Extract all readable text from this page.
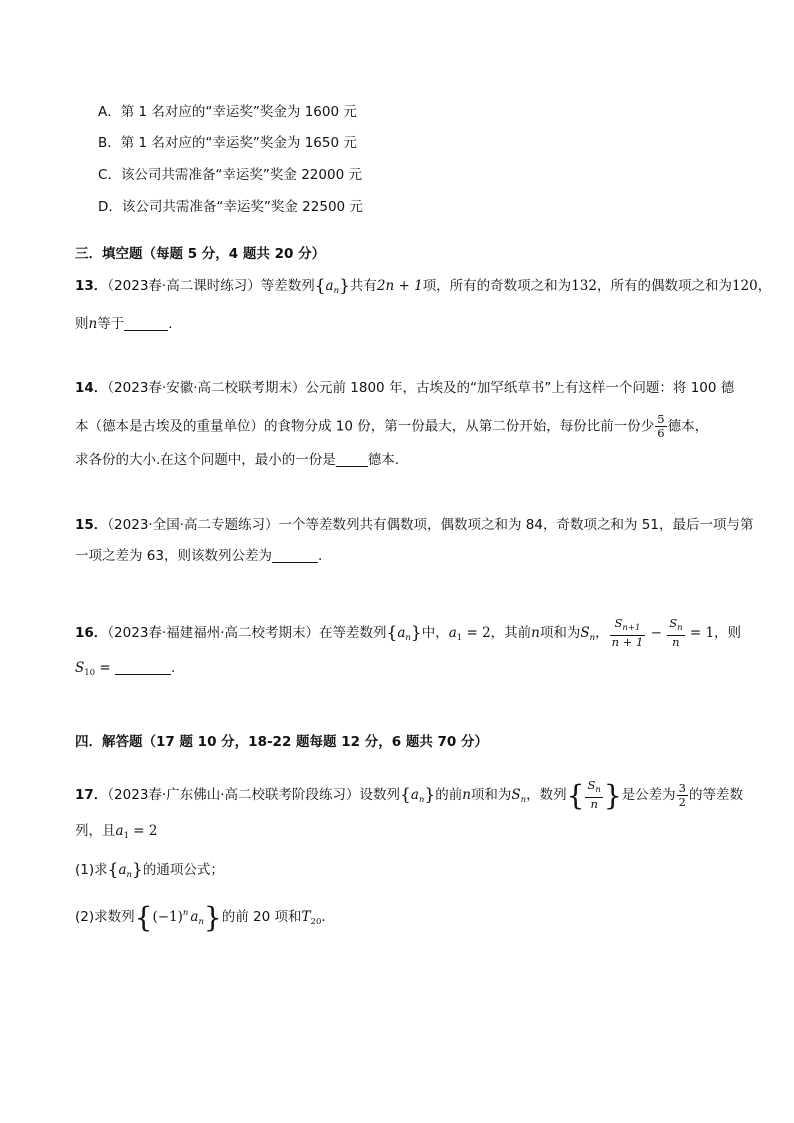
A．第 1 名对应的“幸运奖”奖金为 1600 元
B．第 1 名对应的“幸运奖”奖金为 1650 元
C．该公司共需准备“幸运奖”奖金 22000 元
D．该公司共需准备“幸运奖”奖金 22500 元
三．填空题（每题 5 分，4 题共 20 分）
13．（2023春·高二课时练习）等差数列$\{a_n\}$共有2n + 1项，所有的奇数项之和为132，所有的偶数项之和为120，
则n等于	．
14．（2023春·安徽·高二校联考期末）公元前 1800 年，古埃及的“加罕纸草书”上有这样一个问题：将 100 德
本（德本是古埃及的重量单位）的食物分成 10 份，第一份最大，从第二份开始，每份比前一份少 $\frac{5}{6}$ 德本，
求各份的大小.在这个问题中，最小的一份是 德本.
15．（2023·全国·高二专题练习）一个等差数列共有偶数项，偶数项之和为 84，奇数项之和为 51，最后一项与第
一项之差为 63，则该数列公差为	.
16．（2023春·福建福州·高二校考期末）在等差数列$\{a_n\}$中，$a_1 = 2$，其前n项和为$S_n$， $\frac{S_{n+1}}{n + 1} - \frac{S_n}{n} = 1$，则
$S_{10}$ =	.
四．解答题（17 题 10 分，18-22 题每题 12 分，6 题共 70 分）
17．（2023春·广东佛山·高二校联考阶段练习）设数列$\{a_n\}$的前n项和为$S_n$，数列{ $\frac{S_n}{n}$ }是公差为 $\frac{3}{2}$ 的等差数
列，且$a_1 = 2$
(1)求$\{a_n\}$的通项公式；
(2)求数列{$(-1)^n$ $a_n$}的前 20 项和$T_{20}$．
